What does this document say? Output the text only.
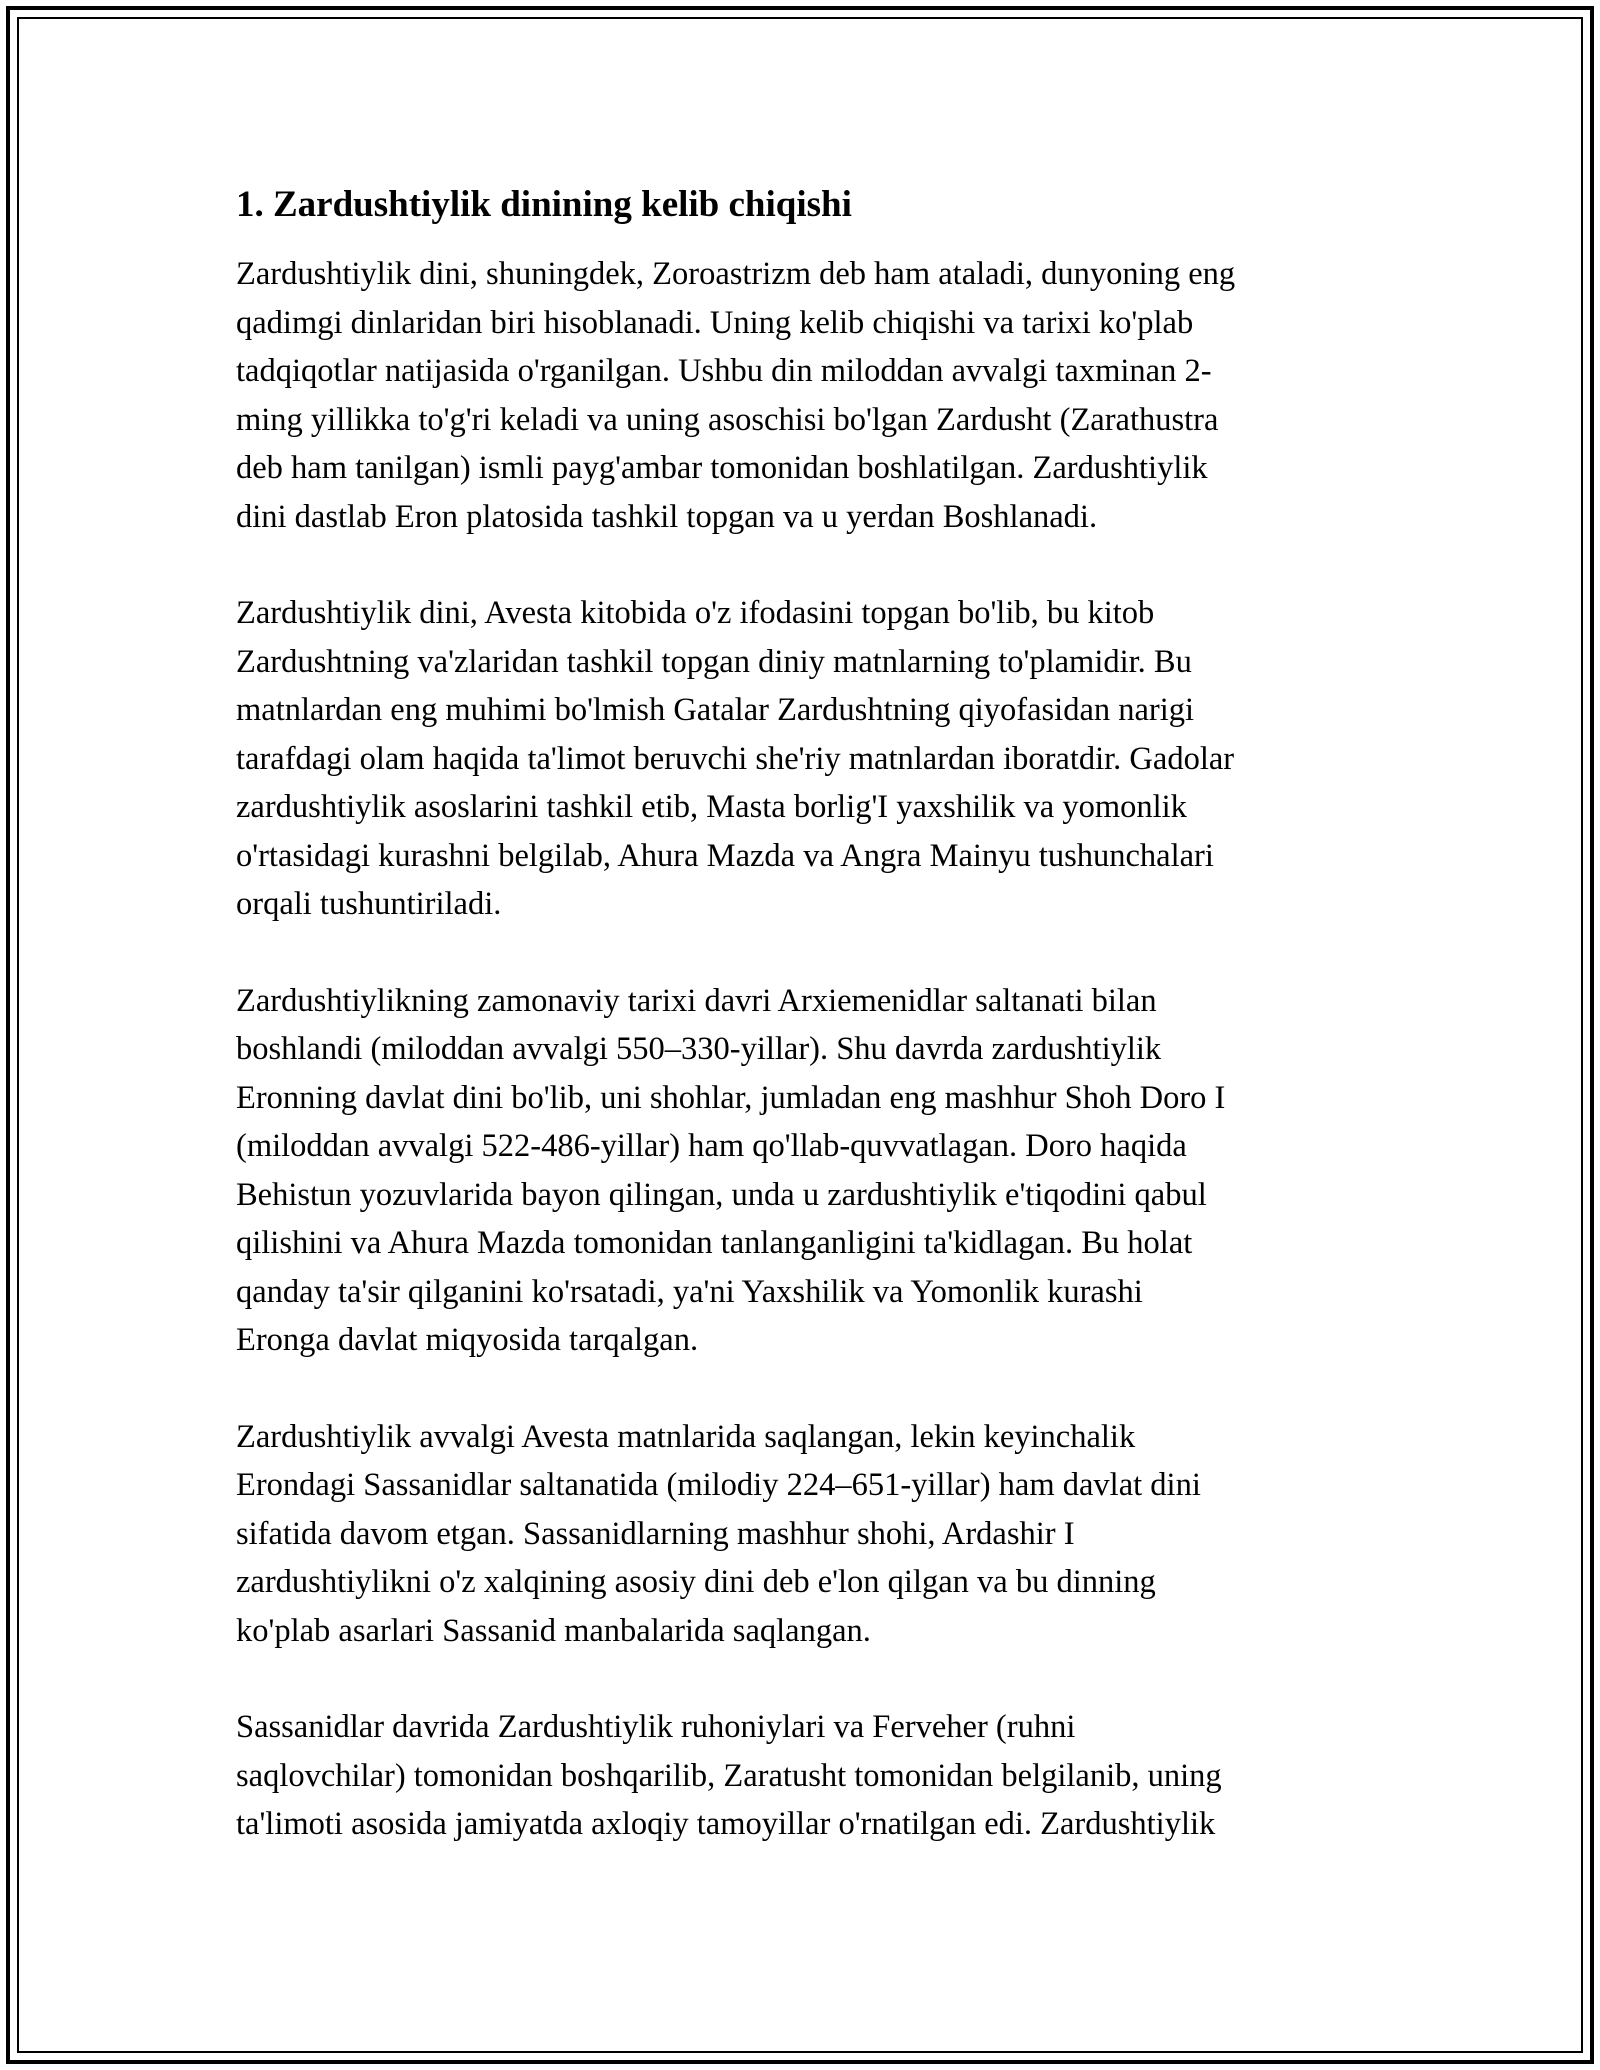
1. Zardushtiylik dinining kelib chiqishi

Zardushtiylik dini, shuningdek, Zoroastrizm deb ham ataladi, dunyoning eng
qadimgi dinlaridan biri hisoblanadi. Uning kelib chiqishi va tarixi ko'plab
tadqiqotlar natijasida o'rganilgan. Ushbu din miloddan avvalgi taxminan 2-
ming yillikka to'g'ri keladi va uning asoschisi bo'lgan Zardusht (Zarathustra
deb ham tanilgan) ismli payg'ambar tomonidan boshlatilgan. Zardushtiylik
dini dastlab Eron platosida tashkil topgan va u yerdan Boshlanadi.

Zardushtiylik dini, Avesta kitobida o'z ifodasini topgan bo'lib, bu kitob
Zardushtning va'zlaridan tashkil topgan diniy matnlarning to'plamidir. Bu
matnlardan eng muhimi bo'lmish Gatalar Zardushtning qiyofasidan narigi
tarafdagi olam haqida ta'limot beruvchi she'riy matnlardan iboratdir. Gadolar
zardushtiylik asoslarini tashkil etib, Masta borlig'I yaxshilik va yomonlik
o'rtasidagi kurashni belgilab, Ahura Mazda va Angra Mainyu tushunchalari
orqali tushuntiriladi.

Zardushtiylikning zamonaviy tarixi davri Arxiemenidlar saltanati bilan
boshlandi (miloddan avvalgi 550–330-yillar). Shu davrda zardushtiylik
Eronning davlat dini bo'lib, uni shohlar, jumladan eng mashhur Shoh Doro I
(miloddan avvalgi 522-486-yillar) ham qo'llab-quvvatlagan. Doro haqida
Behistun yozuvlarida bayon qilingan, unda u zardushtiylik e'tiqodini qabul
qilishini va Ahura Mazda tomonidan tanlanganligini ta'kidlagan. Bu holat
qanday ta'sir qilganini ko'rsatadi, ya'ni Yaxshilik va Yomonlik kurashi
Eronga davlat miqyosida tarqalgan.

Zardushtiylik avvalgi Avesta matnlarida saqlangan, lekin keyinchalik
Erondagi Sassanidlar saltanatida (milodiy 224–651-yillar) ham davlat dini
sifatida davom etgan. Sassanidlarning mashhur shohi, Ardashir I
zardushtiylikni o'z xalqining asosiy dini deb e'lon qilgan va bu dinning
ko'plab asarlari Sassanid manbalarida saqlangan.

Sassanidlar davrida Zardushtiylik ruhoniylari va Ferveher (ruhni
saqlovchilar) tomonidan boshqarilib, Zaratusht tomonidan belgilanib, uning
ta'limoti asosida jamiyatda axloqiy tamoyillar o'rnatilgan edi. Zardushtiylik
